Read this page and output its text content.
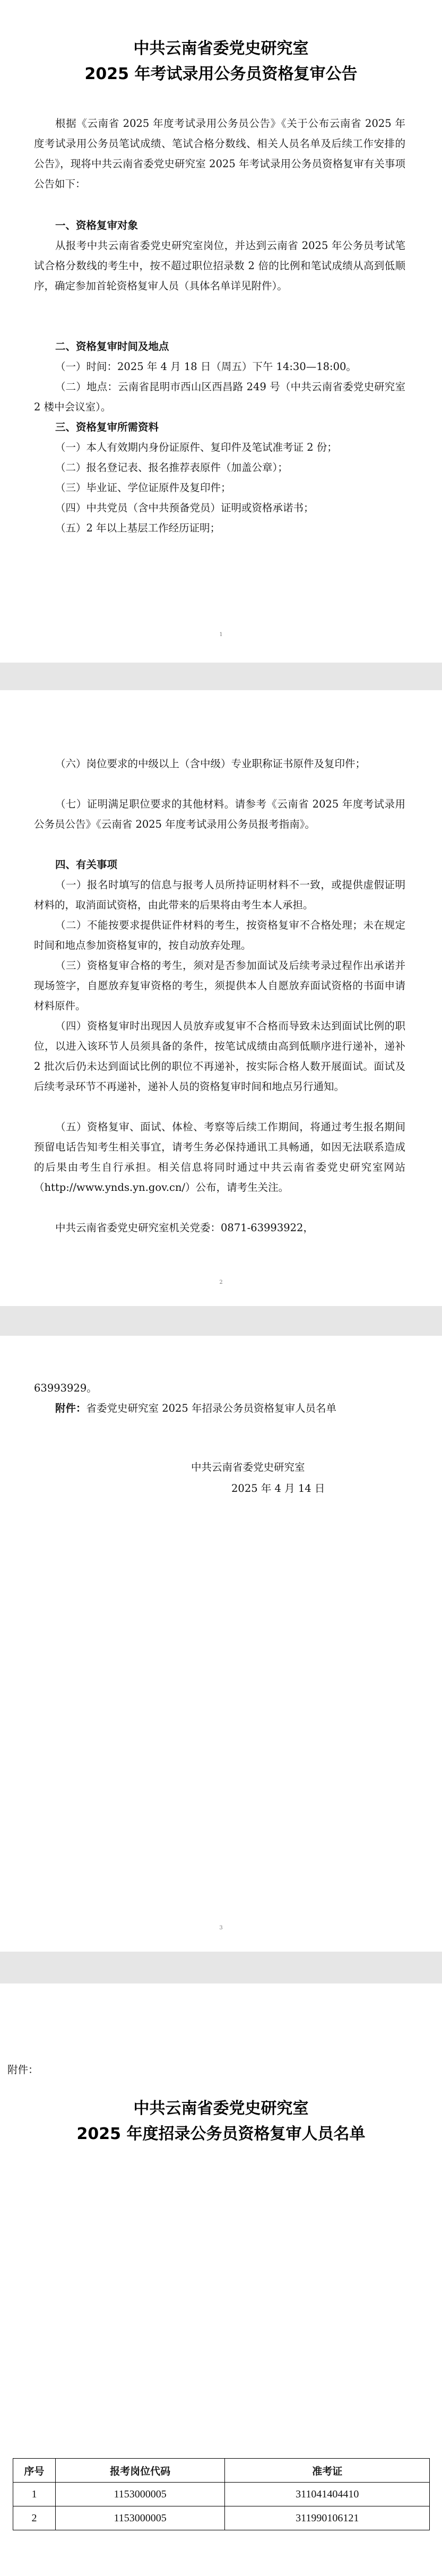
中共云南省委党史研究室
2025 年考试录用公务员资格复审公告
根据《云南省 2025 年度考试录用公务员公告》《关于公布云南省 2025 年度考试录用公务员笔试成绩、笔试合格分数线、相关人员名单及后续工作安排的公告》，现将中共云南省委党史研究室 2025 年考试录用公务员资格复审有关事项公告如下：
一、资格复审对象
从报考中共云南省委党史研究室岗位，并达到云南省 2025 年公务员考试笔试合格分数线的考生中，按不超过职位招录数 2 倍的比例和笔试成绩从高到低顺序，确定参加首轮资格复审人员（具体名单详见附件）。
二、资格复审时间及地点
（一）时间：2025 年 4 月 18 日（周五）下午 14:30—18:00。
（二）地点：云南省昆明市西山区西昌路 249 号（中共云南省委党史研究室 2 楼中会议室）。
三、资格复审所需资料
（一）本人有效期内身份证原件、复印件及笔试准考证 2 份；
（二）报名登记表、报名推荐表原件（加盖公章）；
（三）毕业证、学位证原件及复印件；
（四）中共党员（含中共预备党员）证明或资格承诺书；
（五）2 年以上基层工作经历证明；
1
（六）岗位要求的中级以上（含中级）专业职称证书原件及复印件；
（七）证明满足职位要求的其他材料。请参考《云南省 2025 年度考试录用公务员公告》《云南省 2025 年度考试录用公务员报考指南》。
四、有关事项
（一）报名时填写的信息与报考人员所持证明材料不一致，或提供虚假证明材料的，取消面试资格，由此带来的后果将由考生本人承担。
（二）不能按要求提供证件材料的考生，按资格复审不合格处理；未在规定时间和地点参加资格复审的，按自动放弃处理。
（三）资格复审合格的考生，须对是否参加面试及后续考录过程作出承诺并现场签字，自愿放弃复审资格的考生，须提供本人自愿放弃面试资格的书面申请材料原件。
（四）资格复审时出现因人员放弃或复审不合格而导致未达到面试比例的职位，以进入该环节人员须具备的条件，按笔试成绩由高到低顺序进行递补，递补 2 批次后仍未达到面试比例的职位不再递补，按实际合格人数开展面试。面试及后续考录环节不再递补，递补人员的资格复审时间和地点另行通知。
（五）资格复审、面试、体检、考察等后续工作期间，将通过考生报名期间预留电话告知考生相关事宜，请考生务必保持通讯工具畅通，如因无法联系造成的后果由考生自行承担。相关信息将同时通过中共云南省委党史研究室网站（http://www.ynds.yn.gov.cn/）公布，请考生关注。
中共云南省委党史研究室机关党委：0871-63993922，
2
63993929。
附件：省委党史研究室 2025 年招录公务员资格复审人员名单
中共云南省委党史研究室
2025 年 4 月 14 日
3
附件：
中共云南省委党史研究室
2025 年度招录公务员资格复审人员名单
序号	报考岗位代码	准考证
1	1153000005	311041404410
2	1153000005	311990106121
